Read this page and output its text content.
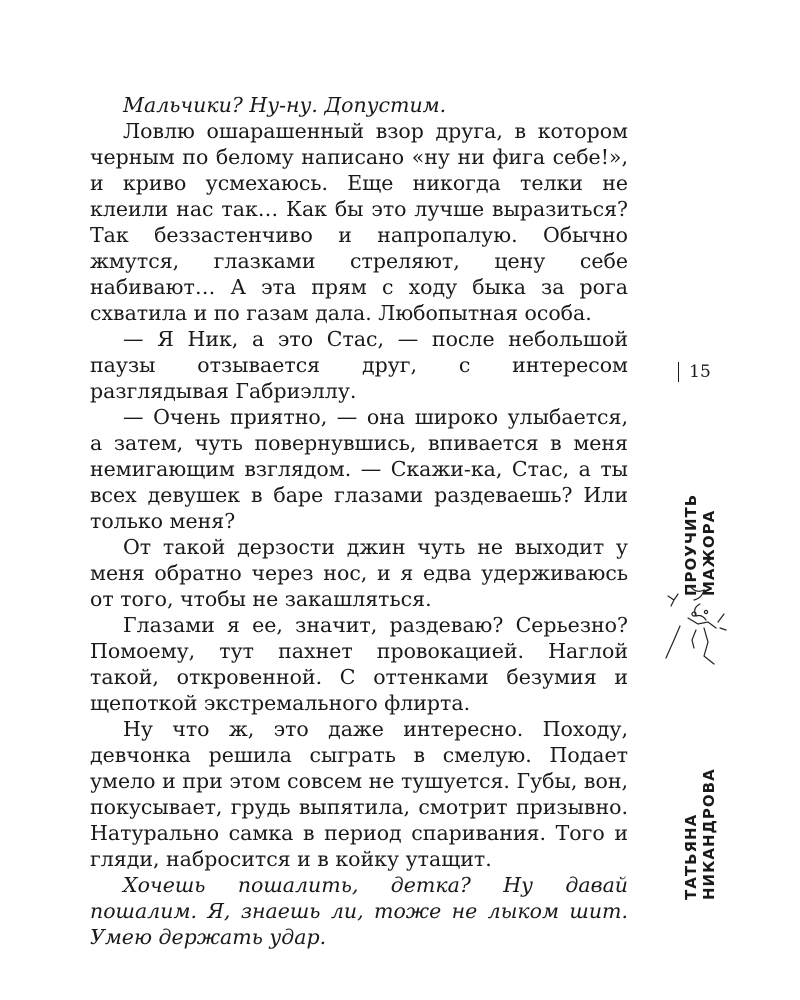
Мальчики? Ну-ну. Допустим.

Ловлю ошарашенный взор друга, в котором черным по белому написано «ну ни фига себе!», и криво усмехаюсь. Еще никогда телки не клеили нас так… Как бы это лучше выразиться? Так беззастенчиво и напропалую. Обычно жмутся, глазками стреляют, цену себе набивают… А эта прям с ходу быка за рога схватила и по газам дала. Любопытная особа.

— Я Ник, а это Стас, — после небольшой паузы отзывается друг, с интересом разглядывая Габриэллу.

— Очень приятно, — она широко улыбается, а затем, чуть повернувшись, впивается в меня немигающим взглядом. — Скажи-ка, Стас, а ты всех девушек в баре глазами раздеваешь? Или только меня?

От такой дерзости джин чуть не выходит у меня обратно через нос, и я едва удерживаюсь от того, чтобы не закашляться.

Глазами я ее, значит, раздеваю? Серьезно? Помоему, тут пахнет провокацией. Наглой такой, откровенной. С оттенками безумия и щепоткой экстремального флирта.

Ну что ж, это даже интересно. Походу, девчонка решила сыграть в смелую. Подает умело и при этом совсем не тушуется. Губы, вон, покусывает, грудь выпятила, смотрит призывно. Натурально самка в период спаривания. Того и гляди, набросится и в койку утащит.

Хочешь пошалить, детка? Ну давай пошалим. Я, знаешь ли, тоже не лыком шит. Умею держать удар.

15
ПРОУЧИТЬ МАЖОРА
ТАТЬЯНА НИКАНДРОВА
